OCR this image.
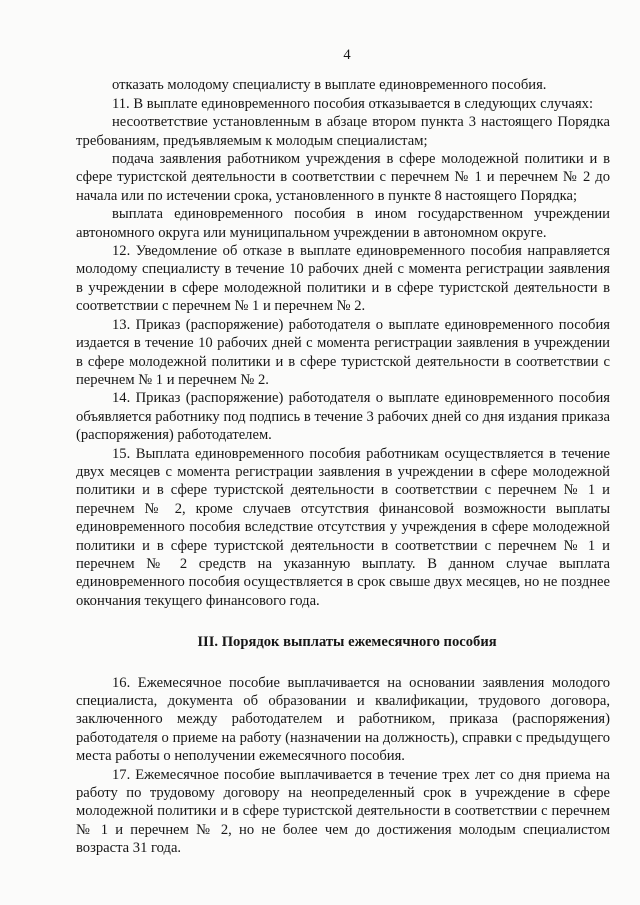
4

отказать молодому специалисту в выплате единовременного пособия.

11. В выплате единовременного пособия отказывается в следующих случаях:

несоответствие установленным в абзаце втором пункта 3 настоящего Порядка требованиям, предъявляемым к молодым специалистам;

подача заявления работником учреждения в сфере молодежной политики и в сфере туристской деятельности в соответствии с перечнем № 1 и перечнем № 2 до начала или по истечении срока, установленного в пункте 8 настоящего Порядка;

выплата единовременного пособия в ином государственном учреждении автономного округа или муниципальном учреждении в автономном округе.

12. Уведомление об отказе в выплате единовременного пособия направляется молодому специалисту в течение 10 рабочих дней с момента регистрации заявления в учреждении в сфере молодежной политики и в сфере туристской деятельности в соответствии с перечнем № 1 и перечнем № 2.

13. Приказ (распоряжение) работодателя о выплате единовременного пособия издается в течение 10 рабочих дней с момента регистрации заявления в учреждении в сфере молодежной политики и в сфере туристской деятельности в соответствии с перечнем № 1 и перечнем № 2.

14. Приказ (распоряжение) работодателя о выплате единовременного пособия объявляется работнику под подпись в течение 3 рабочих дней со дня издания приказа (распоряжения) работодателем.

15. Выплата единовременного пособия работникам осуществляется в течение двух месяцев с момента регистрации заявления в учреждении в сфере молодежной политики и в сфере туристской деятельности в соответствии с перечнем № 1 и перечнем № 2, кроме случаев отсутствия финансовой возможности выплаты единовременного пособия вследствие отсутствия у учреждения в сфере молодежной политики и в сфере туристской деятельности в соответствии с перечнем № 1 и перечнем № 2 средств на указанную выплату. В данном случае выплата единовременного пособия осуществляется в срок свыше двух месяцев, но не позднее окончания текущего финансового года.

III. Порядок выплаты ежемесячного пособия

16. Ежемесячное пособие выплачивается на основании заявления молодого специалиста, документа об образовании и квалификации, трудового договора, заключенного между работодателем и работником, приказа (распоряжения) работодателя о приеме на работу (назначении на должность), справки с предыдущего места работы о неполучении ежемесячного пособия.

17. Ежемесячное пособие выплачивается в течение трех лет со дня приема на работу по трудовому договору на неопределенный срок в учреждение в сфере молодежной политики и в сфере туристской деятельности в соответствии с перечнем № 1 и перечнем № 2, но не более чем до достижения молодым специалистом возраста 31 года.
